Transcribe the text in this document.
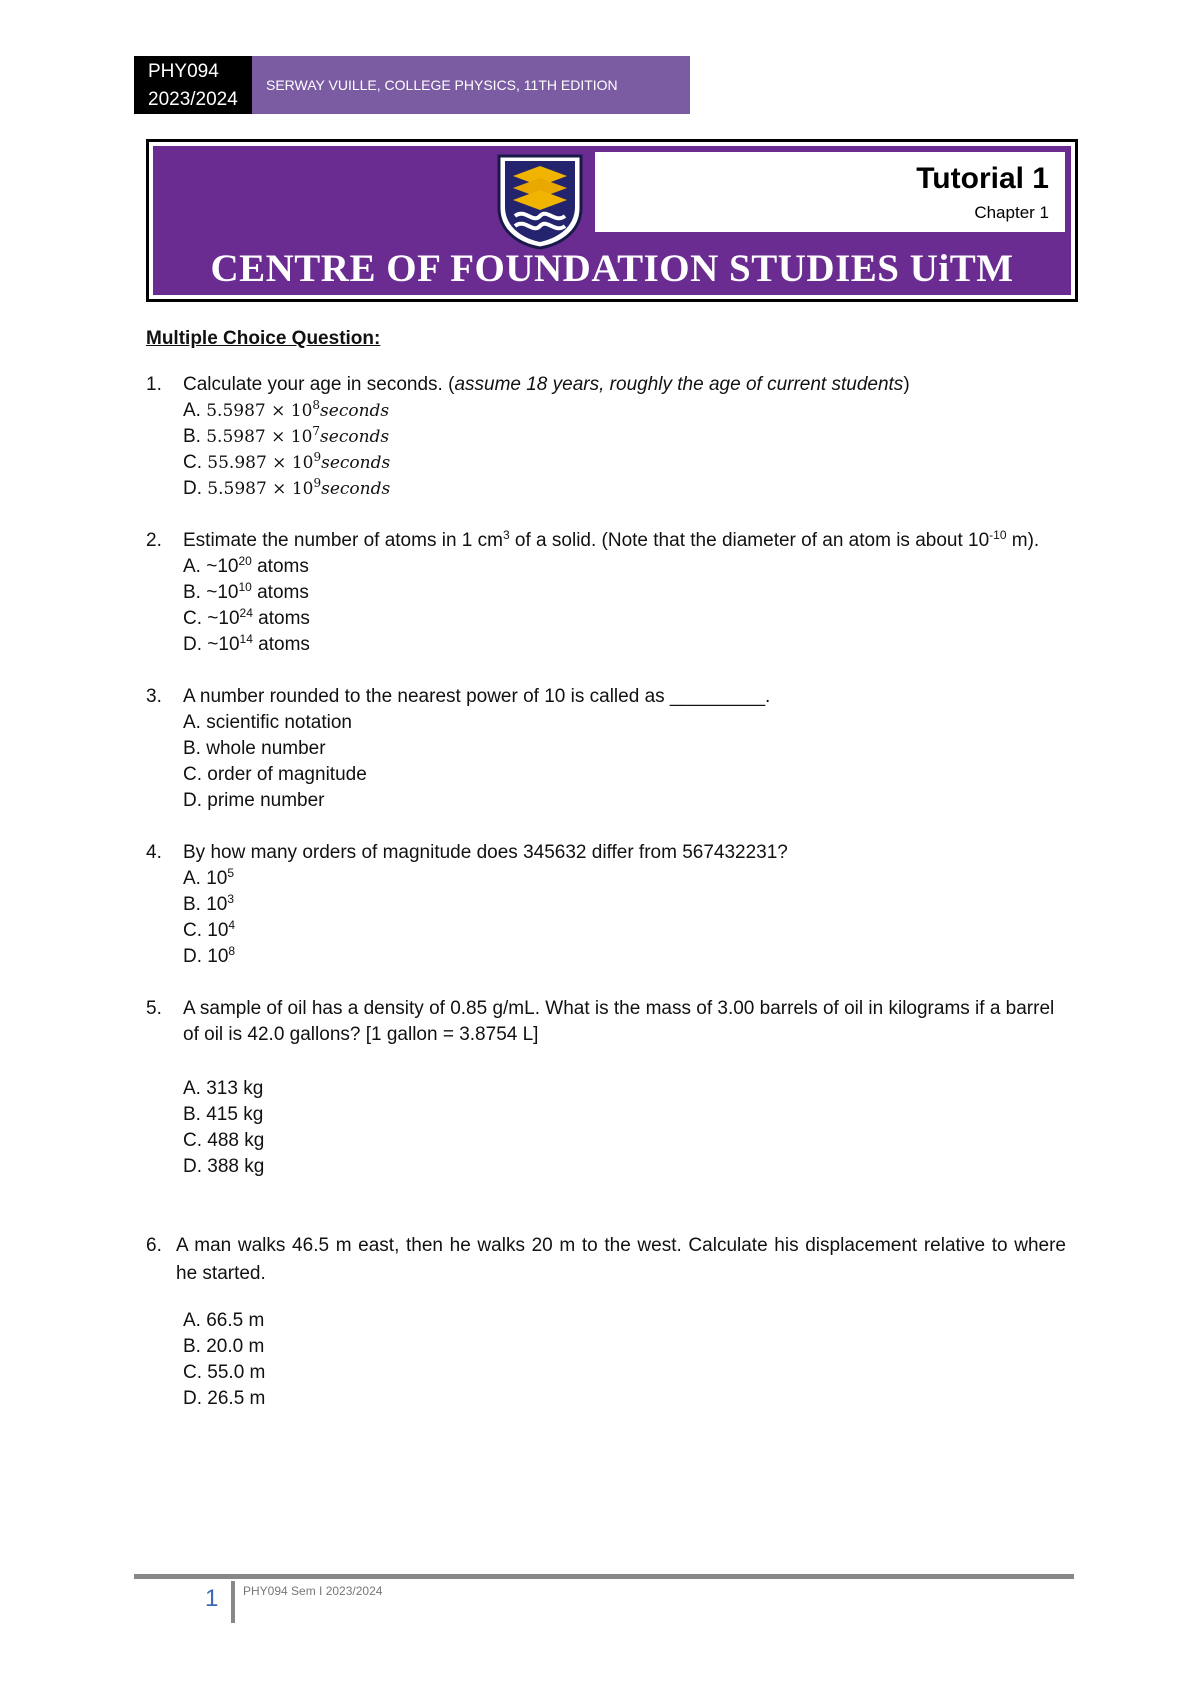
PHY094
2023/2024
SERWAY VUILLE, COLLEGE PHYSICS, 11TH EDITION
Tutorial 1
Chapter 1
CENTRE OF FOUNDATION STUDIES UiTM

Multiple Choice Question:

1. Calculate your age in seconds. (assume 18 years, roughly the age of current students)

A. $5.5987 \times 10^8seconds$
B. $5.5987 \times 10^7seconds$
C. $55.987 \times 10^9seconds$
D. $5.5987 \times 10^9seconds$
2. Estimate the number of atoms in 1 $cm^3$ of a solid. (Note that the diameter of an atom is about $10^{-10}$ m).

A. $\sim 10^{20}$ atoms
B. $\sim 10^{10}$ atoms
C. $\sim 10^{24}$ atoms
D. $\sim 10^{14}$ atoms
3. A number rounded to the nearest power of 10 is called as _________.

A. scientific notation
B. whole number
C. order of magnitude
D. prime number
4. By how many orders of magnitude does 345632 differ from 567432231?

A. $10^5$
B. $10^3$
C. $10^4$
D. $10^8$
5. A sample of oil has a density of 0.85 g/mL. What is the mass of 3.00 barrels of oil in kilograms if a barrel of oil is 42.0 gallons? [1 gallon = 3.8754 L]

A. 313 kg
B. 415 kg
C. 488 kg
D. 388 kg
6. A man walks 46.5 m east, then he walks 20 m to the west. Calculate his displacement relative to where he started.

A. 66.5 m
B. 20.0 m
C. 55.0 m
D. 26.5 m
1 PHY094 Sem I 2023/2024
